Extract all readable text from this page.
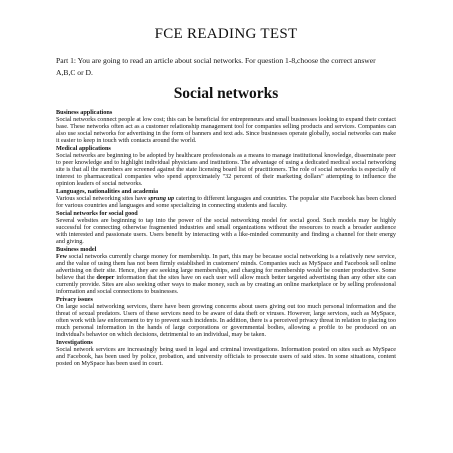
FCE READING TEST

Part 1: You are going to read an article about social networks. For question 1-8,choose the correct answer A,B,C or D.

Social networks
Business applications

Social networks connect people at low cost; this can be beneficial for entrepreneurs and small businesses looking to expand their contact base. These networks often act as a customer relationship management tool for companies selling products and services. Companies can also use social networks for advertising in the form of banners and text ads. Since businesses operate globally, social networks can make it easier to keep in touch with contacts around the world.

Medical applications

Social networks are beginning to be adopted by healthcare professionals as a means to manage institutional knowledge, disseminate peer to peer knowledge and to highlight individual physicians and institutions. The advantage of using a dedicated medical social networking site is that all the members are screened against the state licensing board list of practitioners. The role of social networks is especially of interest to pharmaceutical companies who spend approximately "32 percent of their marketing dollars" attempting to influence the opinion leaders of social networks.

Languages, nationalities and academia

Various social networking sites have sprung up catering to different languages and countries. The popular site Facebook has been cloned for various countries and languages and some specializing in connecting students and faculty.

Social networks for social good

Several websites are beginning to tap into the power of the social networking model for social good. Such models may be highly successful for connecting otherwise fragmented industries and small organizations without the resources to reach a broader audience with interested and passionate users. Users benefit by interacting with a like-minded community and finding a channel for their energy and giving.

Business model

Few social networks currently charge money for membership. In part, this may be because social networking is a relatively new service, and the value of using them has not been firmly established in customers' minds. Companies such as MySpace and Facebook sell online advertising on their site. Hence, they are seeking large memberships, and charging for membership would be counter productive. Some believe that the deeper information that the sites have on each user will allow much better targeted advertising than any other site can currently provide. Sites are also seeking other ways to make money, such as by creating an online marketplace or by selling professional information and social connections to businesses.

Privacy issues

On large social networking services, there have been growing concerns about users giving out too much personal information and the threat of sexual predators. Users of these services need to be aware of data theft or viruses. However, large services, such as MySpace, often work with law enforcement to try to prevent such incidents. In addition, there is a perceived privacy threat in relation to placing too much personal information in the hands of large corporations or governmental bodies, allowing a profile to be produced on an individual's behavior on which decisions, detrimental to an individual, may be taken.

Investigations

Social network services are increasingly being used in legal and criminal investigations. Information posted on sites such as MySpace and Facebook, has been used by police, probation, and university officials to prosecute users of said sites. In some situations, content posted on MySpace has been used in court.
